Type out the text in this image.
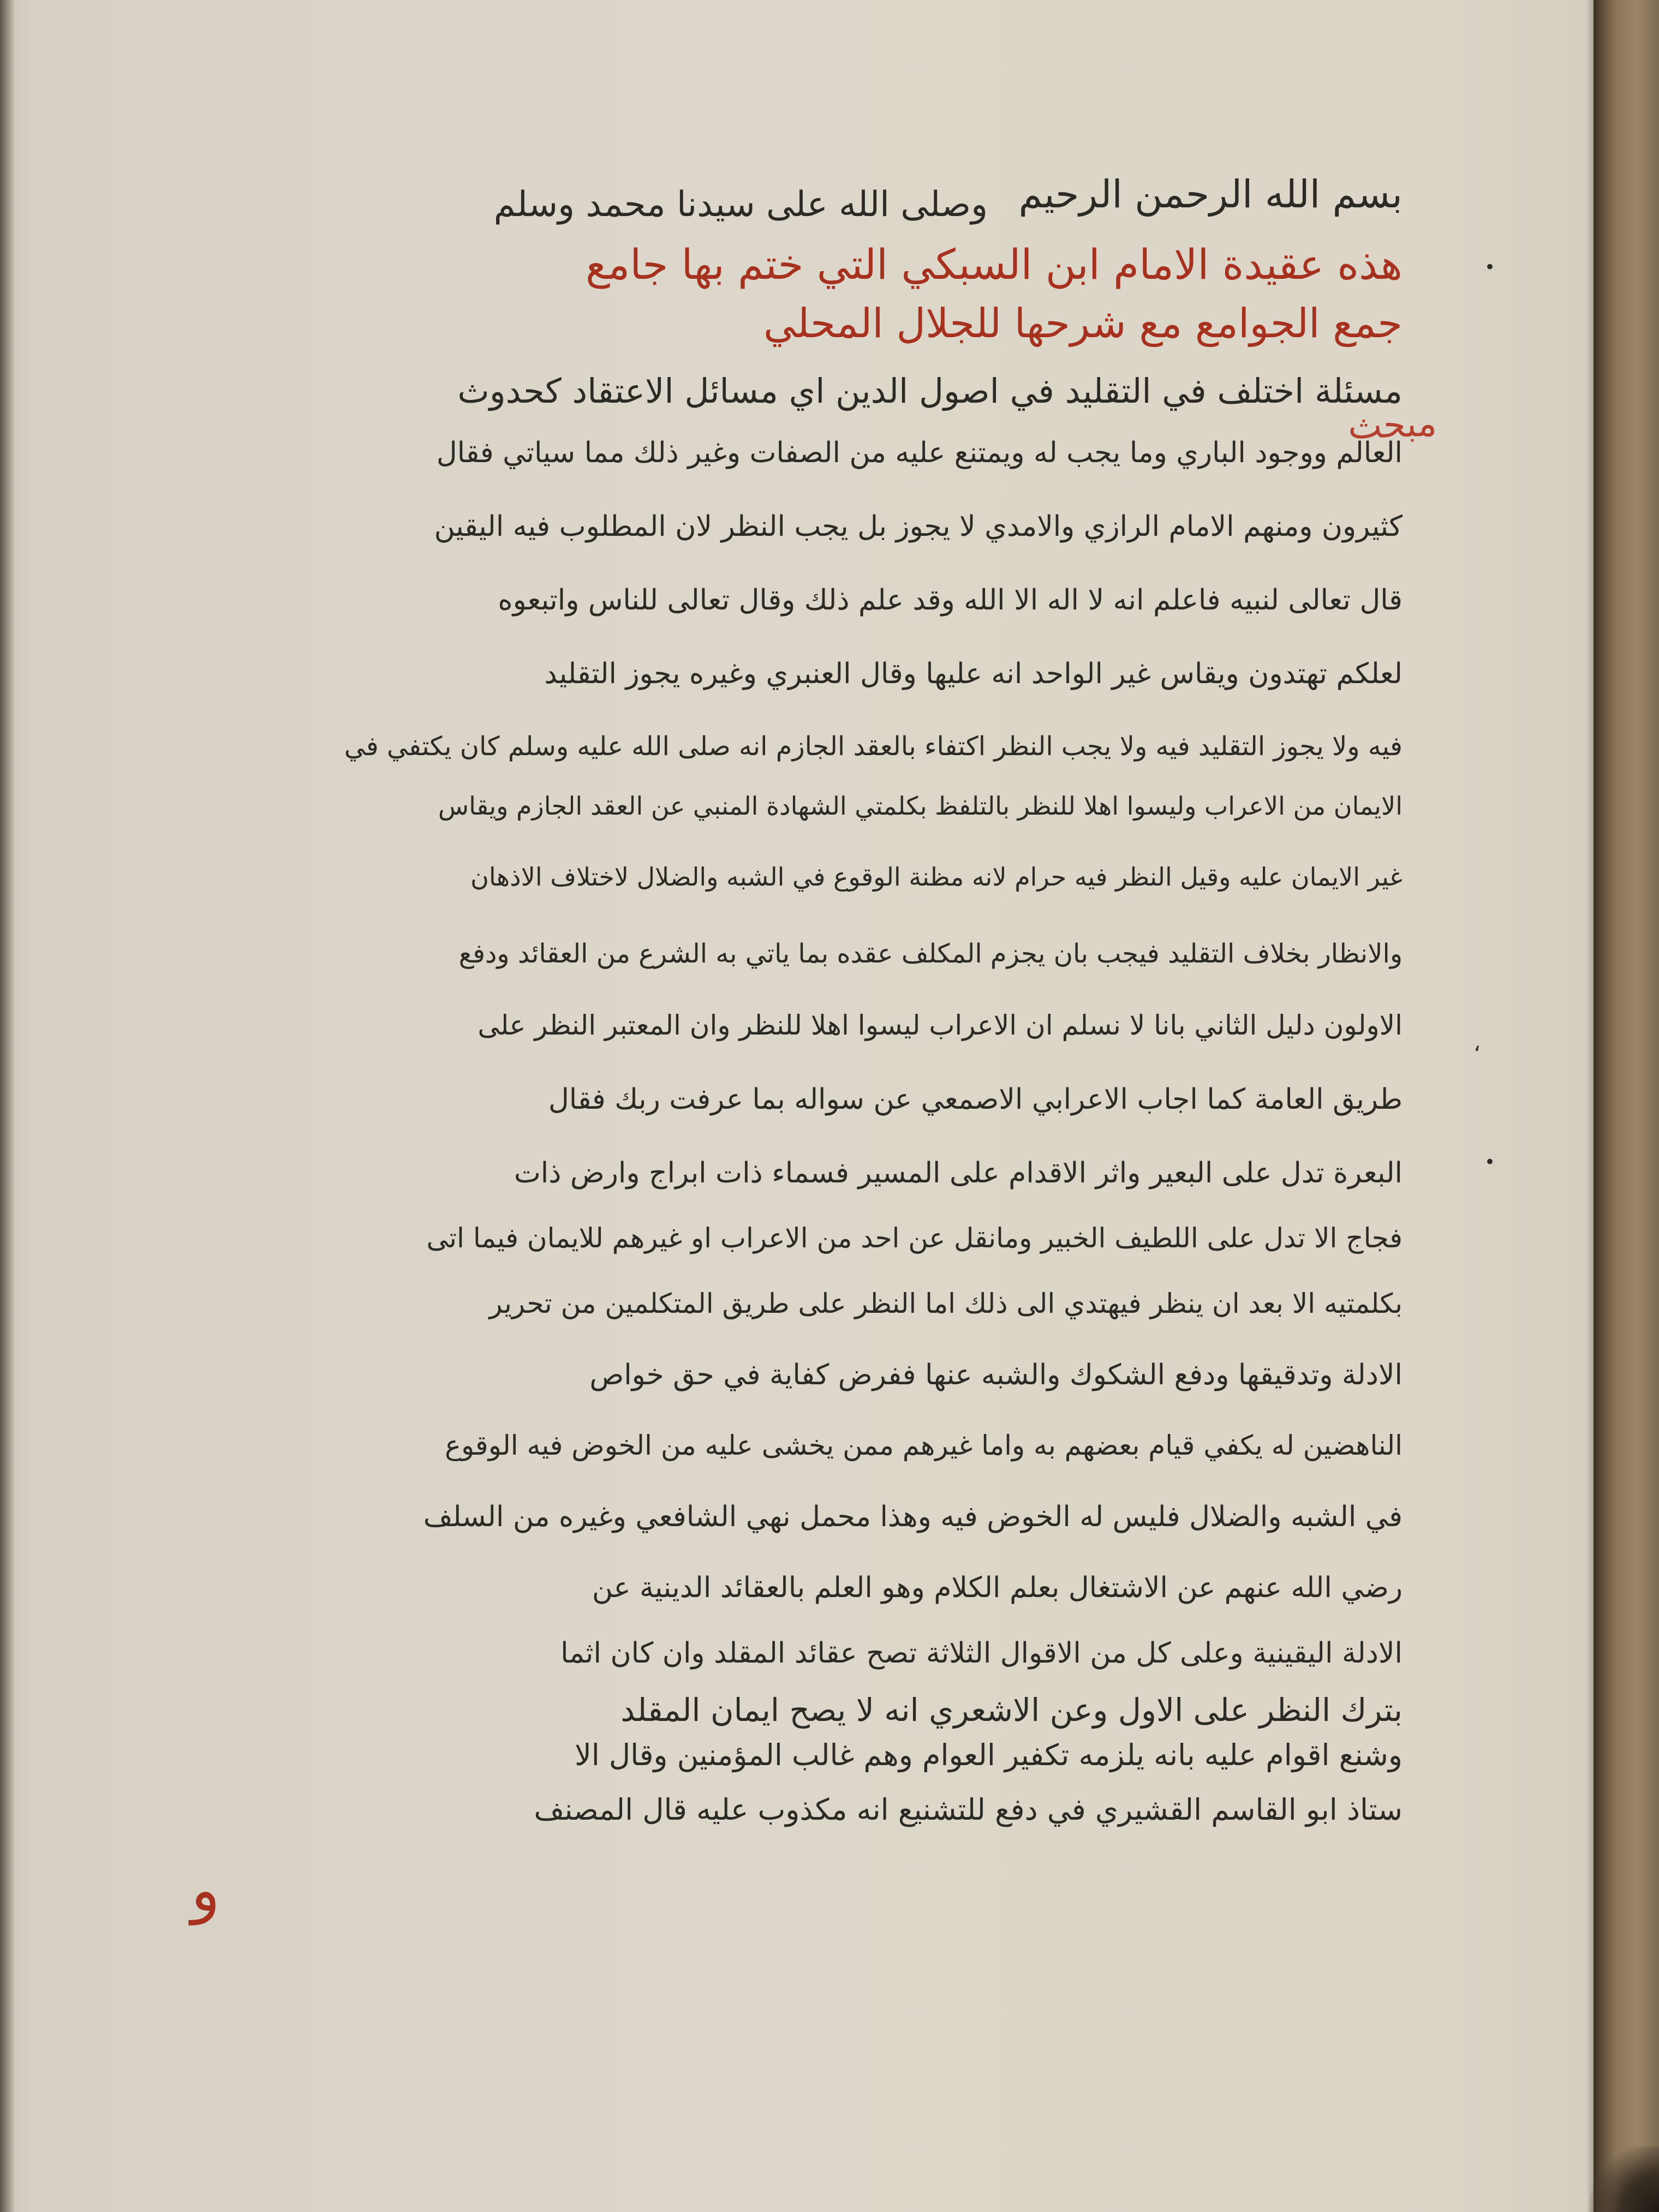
بسم الله الرحمن الرحيم
وصلى الله على سيدنا محمد وسلم
هذه عقيدة الامام ابن السبكي التي ختم بها جامع
جمع الجوامع مع شرحها للجلال المحلي
مسئلة اختلف في التقليد في اصول الدين اي مسائل الاعتقاد كحدوث
مبحث
العالم ووجود الباري وما يجب له ويمتنع عليه من الصفات وغير ذلك مما سياتي فقال
كثيرون ومنهم الامام الرازي والامدي لا يجوز بل يجب النظر لان المطلوب فيه اليقين
قال تعالى لنبيه فاعلم انه لا اله الا الله وقد علم ذلك وقال تعالى للناس واتبعوه
لعلكم تهتدون ويقاس غير الواحد انه عليها وقال العنبري وغيره يجوز التقليد
فيه ولا يجوز التقليد فيه ولا يجب النظر اكتفاء بالعقد الجازم انه صلى الله عليه وسلم كان يكتفي في
الايمان من الاعراب وليسوا اهلا للنظر بالتلفظ بكلمتي الشهادة المنبي عن العقد الجازم ويقاس
غير الايمان عليه وقيل النظر فيه حرام لانه مظنة الوقوع في الشبه والضلال لاختلاف الاذهان
والانظار بخلاف التقليد فيجب بان يجزم المكلف عقده بما ياتي به الشرع من العقائد ودفع
الاولون دليل الثاني بانا لا نسلم ان الاعراب ليسوا اهلا للنظر وان المعتبر النظر على
طريق العامة كما اجاب الاعرابي الاصمعي عن سواله بما عرفت ربك فقال
البعرة تدل على البعير واثر الاقدام على المسير فسماء ذات ابراج وارض ذات
فجاج الا تدل على اللطيف الخبير ومانقل عن احد من الاعراب او غيرهم للايمان فيما اتى
بكلمتيه الا بعد ان ينظر فيهتدي الى ذلك اما النظر على طريق المتكلمين من تحرير
الادلة وتدقيقها ودفع الشكوك والشبه عنها ففرض كفاية في حق خواص
الناهضين له يكفي قيام بعضهم به واما غيرهم ممن يخشى عليه من الخوض فيه الوقوع
في الشبه والضلال فليس له الخوض فيه وهذا محمل نهي الشافعي وغيره من السلف
رضي الله عنهم عن الاشتغال بعلم الكلام وهو العلم بالعقائد الدينية عن
الادلة اليقينية وعلى كل من الاقوال الثلاثة تصح عقائد المقلد وان كان اثما
بترك النظر على الاول وعن الاشعري انه لا يصح ايمان المقلد
وشنع اقوام عليه بانه يلزمه تكفير العوام وهم غالب المؤمنين وقال الا
ستاذ ابو القاسم القشيري في دفع للتشنيع انه مكذوب عليه قال المصنف
و
•
•
،
